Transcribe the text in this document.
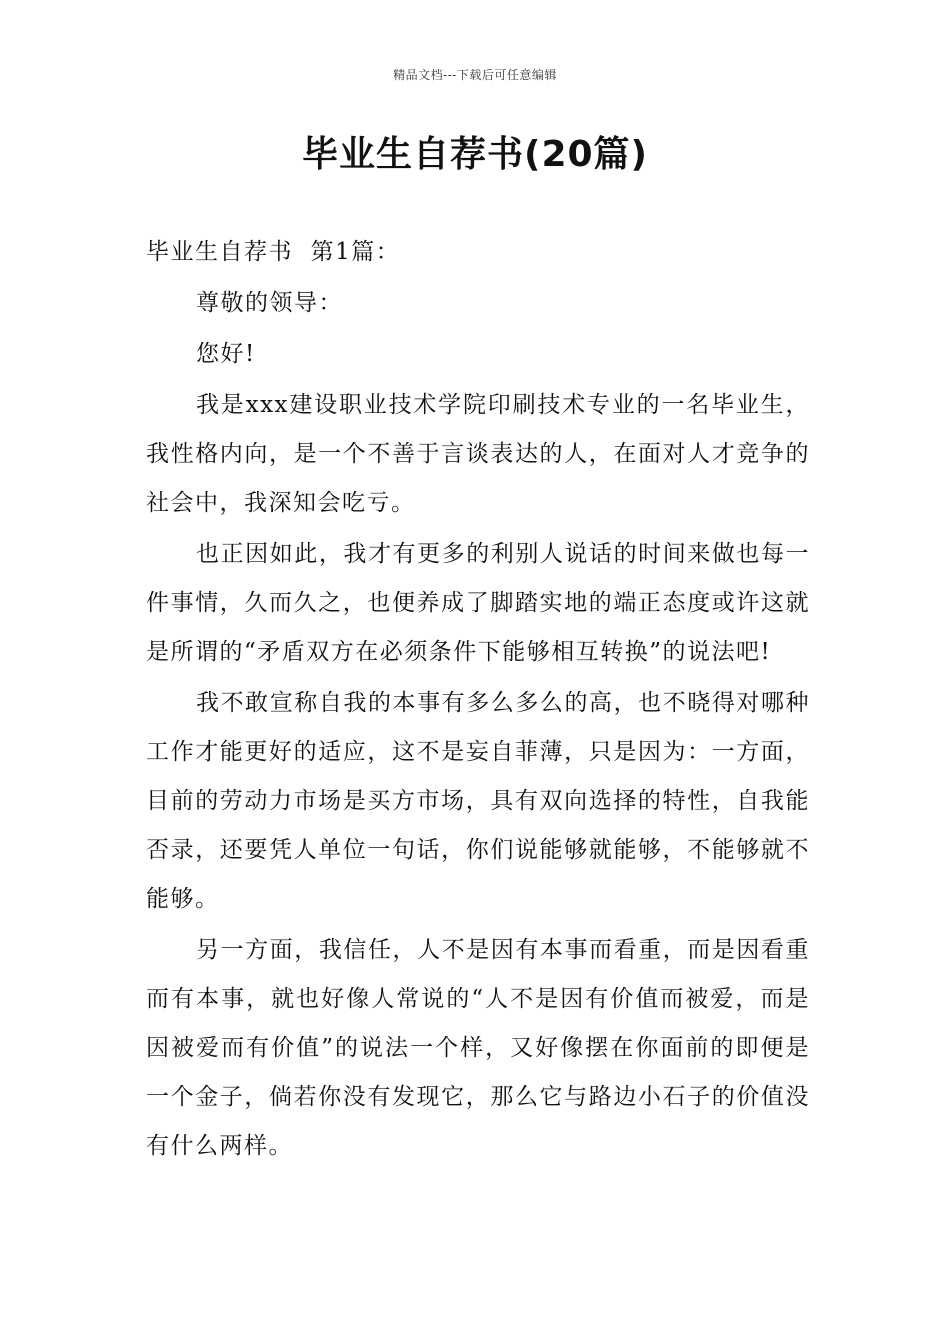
精品文档---下载后可任意编辑
毕业生自荐书(20篇)

毕业生自荐书  第1篇：

尊敬的领导：

您好!

我是xxx建设职业技术学院印刷技术专业的一名毕业生，我性格内向，是一个不善于言谈表达的人，在面对人才竞争的社会中，我深知会吃亏。

也正因如此，我才有更多的利别人说话的时间来做也每一件事情，久而久之，也便养成了脚踏实地的端正态度或许这就是所谓的“矛盾双方在必须条件下能够相互转换”的说法吧!

我不敢宣称自我的本事有多么多么的高，也不晓得对哪种工作才能更好的适应，这不是妄自菲薄，只是因为：一方面，目前的劳动力市场是买方市场，具有双向选择的特性，自我能否录，还要凭人单位一句话，你们说能够就能够，不能够就不能够。

另一方面，我信任，人不是因有本事而看重，而是因看重而有本事，就也好像人常说的“人不是因有价值而被爱，而是因被爱而有价值”的说法一个样，又好像摆在你面前的即便是一个金子，倘若你没有发现它，那么它与路边小石子的价值没有什么两样。
